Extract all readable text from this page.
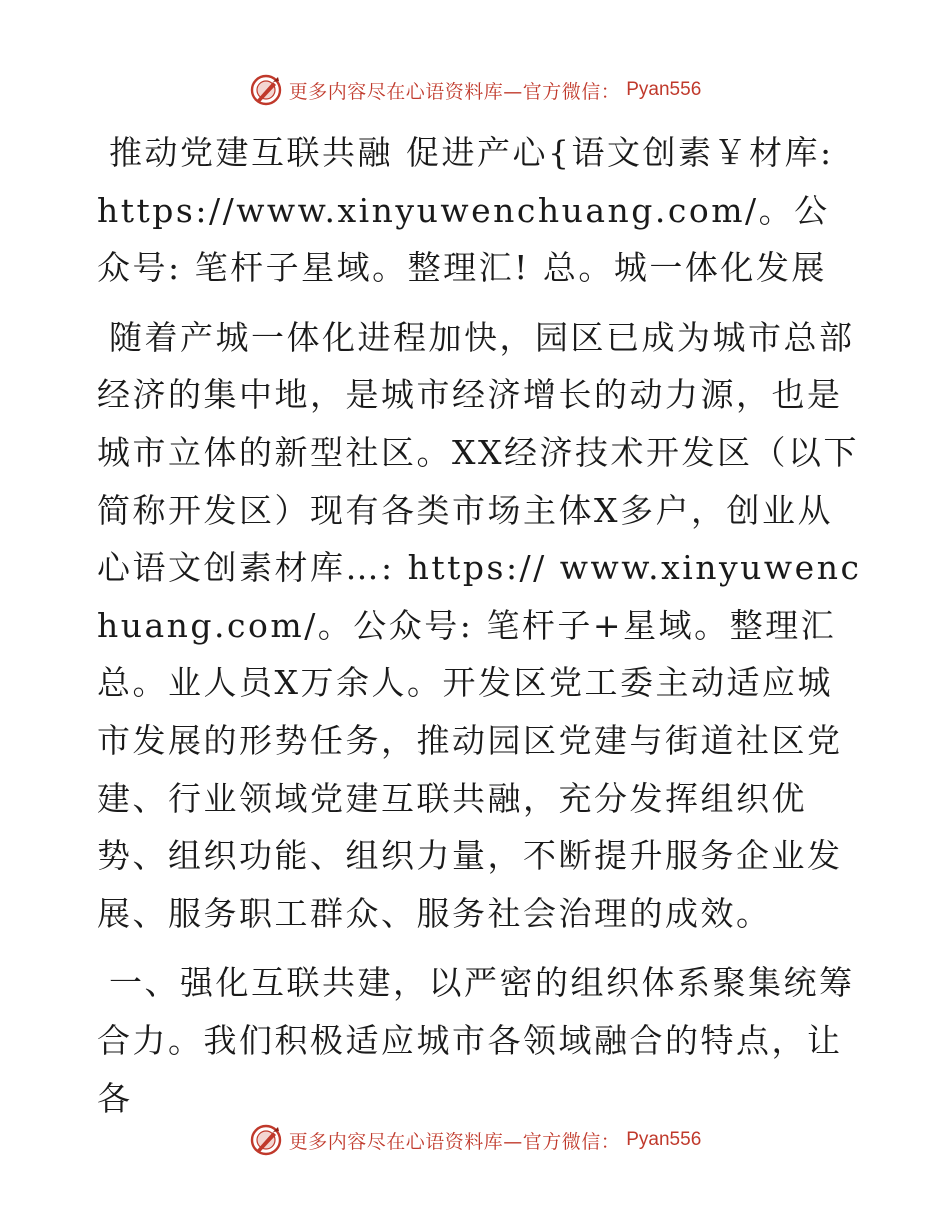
更多内容尽在心语资料库—官方微信： Pyan556

推动党建互联共融 促进产心{语文创素￥材库: https://www.xinyuwenchuang.com/。公众号: 笔杆子星域。整理汇! 总。城一体化发展

随着产城一体化进程加快，园区已成为城市总部经济的集中地，是城市经济增长的动力源，也是城市立体的新型社区。XX经济技术开发区（以下简称开发区）现有各类市场主体X多户，创业从心语文创素材库…: https:// www.xinyuwenchuang.com/。公众号: 笔杆子+星域。整理汇总。业人员X万余人。开发区党工委主动适应城市发展的形势任务，推动园区党建与街道社区党建、行业领域党建互联共融，充分发挥组织优势、组织功能、组织力量，不断提升服务企业发展、服务职工群众、服务社会治理的成效。

一、强化互联共建，以严密的组织体系聚集统筹合力。我们积极适应城市各领域融合的特点，让各

更多内容尽在心语资料库—官方微信： Pyan556
